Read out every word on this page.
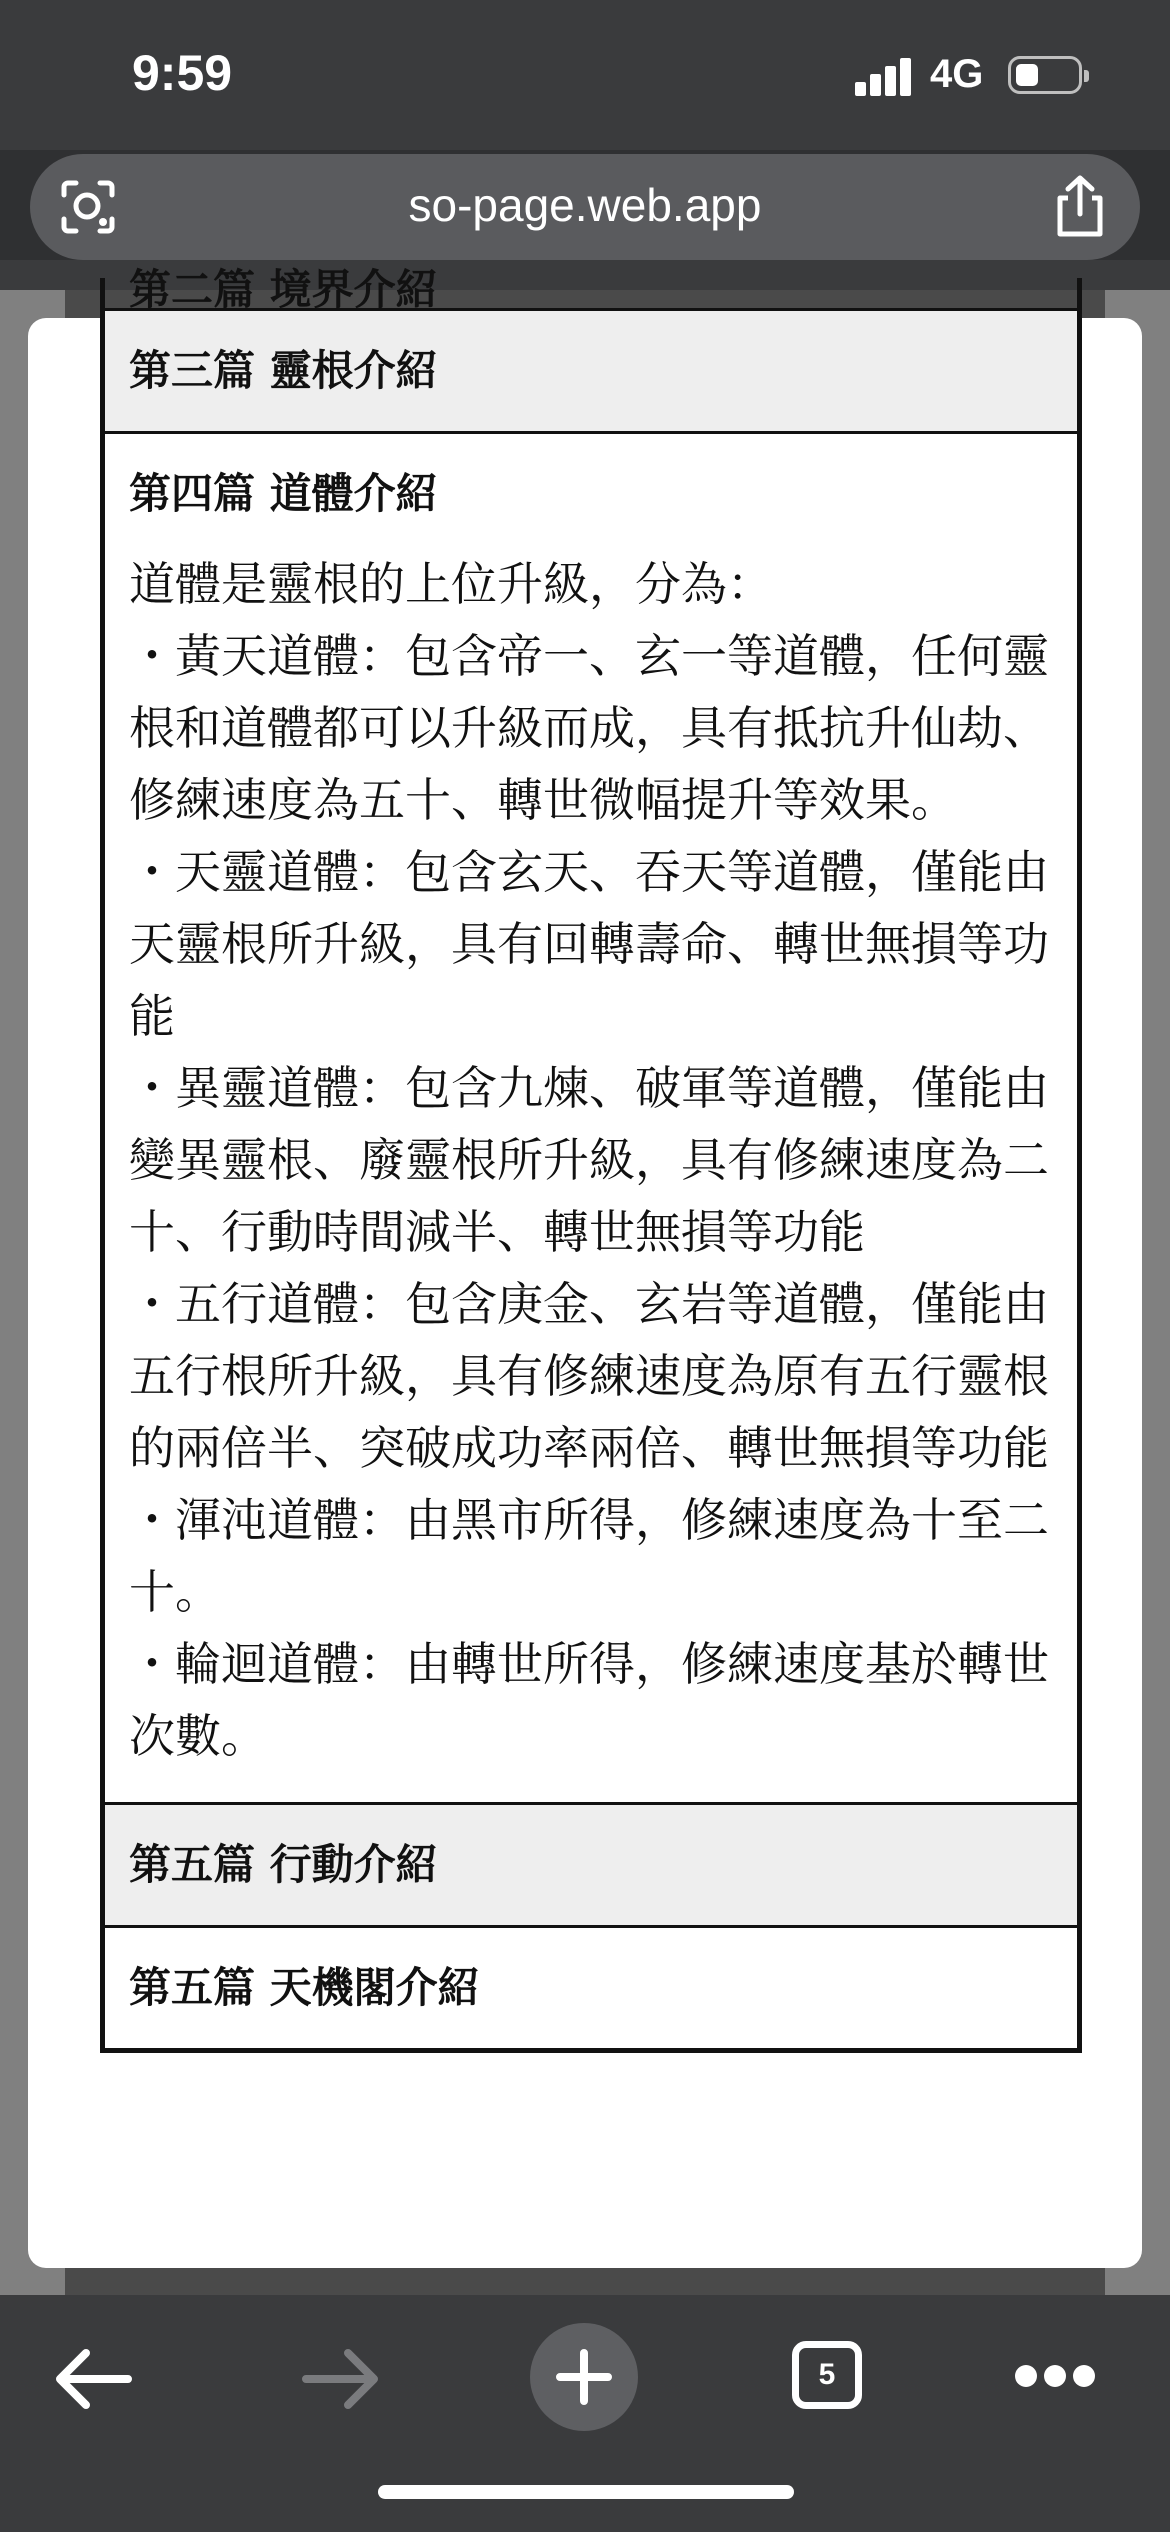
9:59	4G
so-page.web.app
第二篇 境界介紹
第三篇 靈根介紹
第四篇 道體介紹
道體是靈根的上位升級，分為：
・黃天道體：包含帝一、玄一等道體，任何靈根和道體都可以升級而成，具有抵抗升仙劫、修練速度為五十、轉世微幅提升等效果。
・天靈道體：包含玄天、吞天等道體，僅能由天靈根所升級，具有回轉壽命、轉世無損等功能
・異靈道體：包含九煉、破軍等道體，僅能由變異靈根、廢靈根所升級，具有修練速度為二十、行動時間減半、轉世無損等功能
・五行道體：包含庚金、玄岩等道體，僅能由五行根所升級，具有修練速度為原有五行靈根的兩倍半、突破成功率兩倍、轉世無損等功能
・渾沌道體：由黑市所得，修練速度為十至二十。
・輪迴道體：由轉世所得，修練速度基於轉世次數。
第五篇 行動介紹
第五篇 天機閣介紹
5
